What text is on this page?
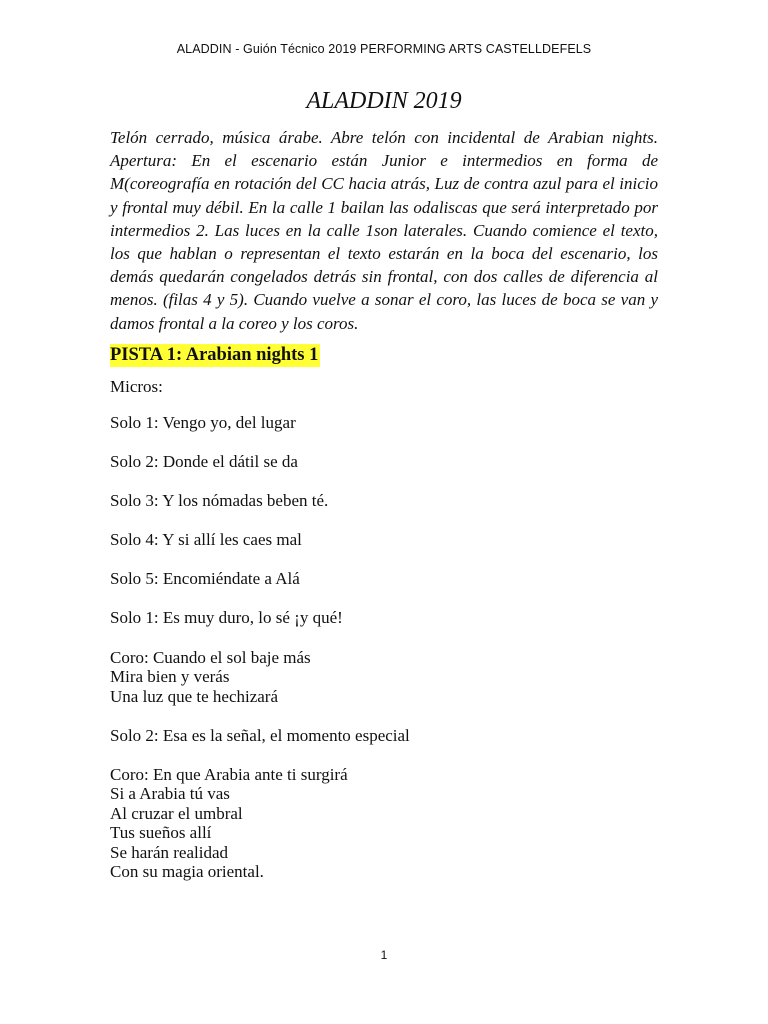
ALADDIN - Guión Técnico 2019 PERFORMING ARTS CASTELLDEFELS
ALADDIN 2019
Telón cerrado, música árabe. Abre telón con incidental de Arabian nights. Apertura: En el escenario están Junior e intermedios en forma de M(coreografía en rotación del CC hacia atrás, Luz de contra azul para el inicio y frontal muy débil. En la calle 1 bailan las odaliscas que será interpretado por intermedios 2. Las luces en la calle 1son laterales. Cuando comience el texto, los que hablan o representan el texto estarán en la boca del escenario, los demás quedarán congelados detrás sin frontal, con dos calles de diferencia al menos. (filas 4 y 5). Cuando vuelve a sonar el coro, las luces de boca se van y damos frontal a la coreo y los coros.
PISTA 1: Arabian nights 1
Micros:
Solo 1: Vengo yo, del lugar
Solo 2: Donde el dátil se da
Solo 3: Y los nómadas beben té.
Solo 4: Y si allí les caes mal
Solo 5: Encomiéndate a Alá
Solo 1: Es muy duro, lo sé ¡y qué!
Coro: Cuando el sol baje más
Mira bien y verás
Una luz que te hechizará
Solo 2: Esa es la señal, el momento especial
Coro: En que Arabia ante ti surgirá
Si a Arabia tú vas
Al cruzar el umbral
Tus sueños allí
Se harán realidad
Con su magia oriental.
1
